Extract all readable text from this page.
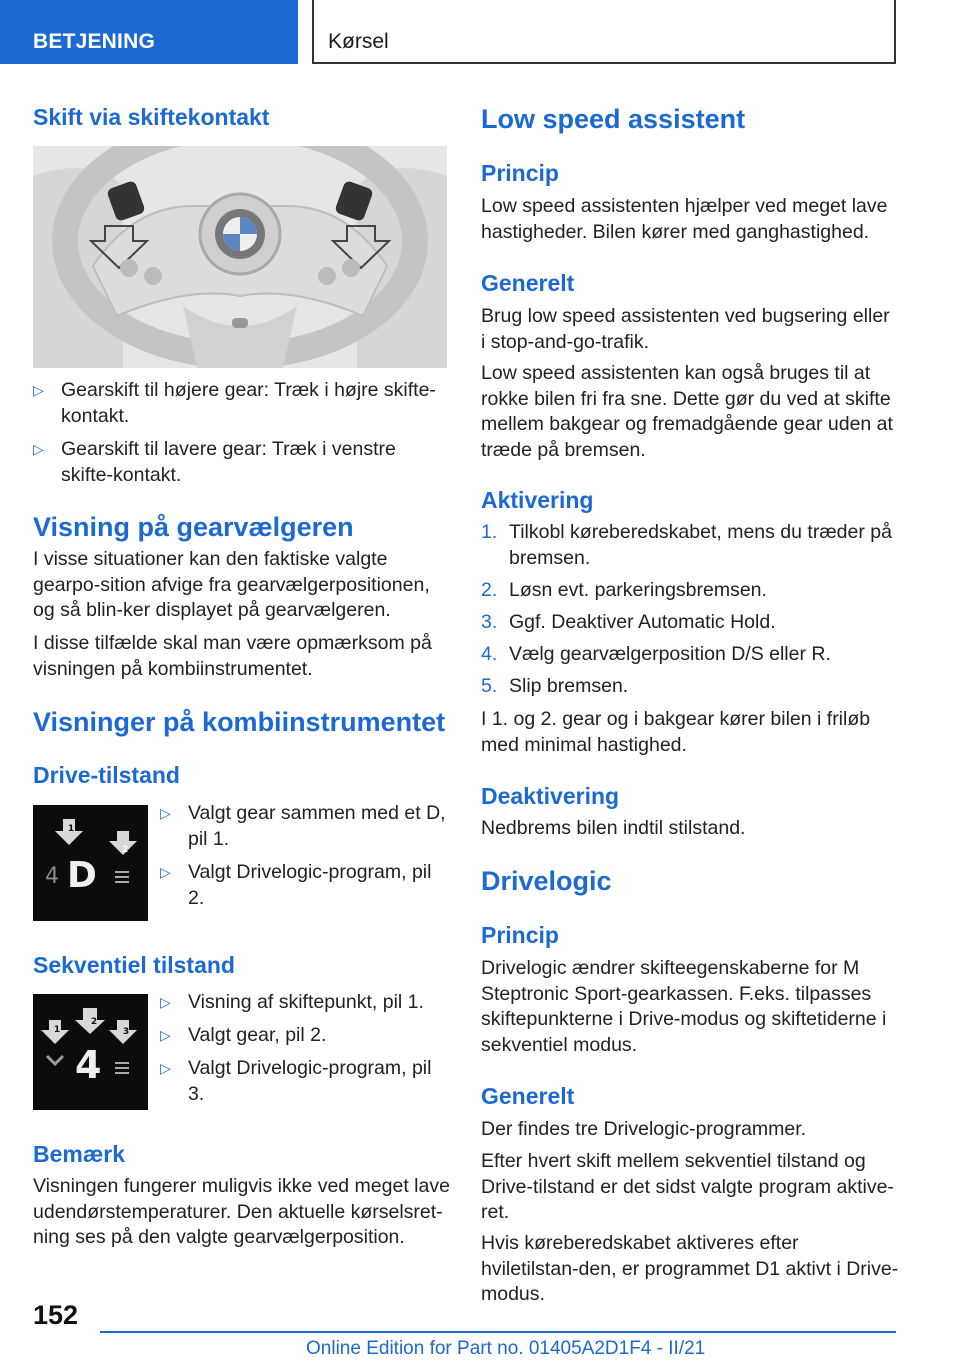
BETJENING	Kørsel
Skift via skiftekontakt
▷ Gearskift til højere gear: Træk i højre skifte-kontakt.
▷ Gearskift til lavere gear: Træk i venstre skifte-kontakt.
Visning på gearvælgeren
I visse situationer kan den faktiske valgte gearpo-sition afvige fra gearvælgerpositionen, og så blin-ker displayet på gearvælgeren.
I disse tilfælde skal man være opmærksom på visningen på kombiinstrumentet.
Visninger på kombiinstrumentet
Drive-tilstand
1
2
4 D
▷ Valgt gear sammen med et D, pil 1.
▷ Valgt Drivelogic-program, pil 2.
Sekventiel tilstand
1
2
3
4
▷ Visning af skiftepunkt, pil 1.
▷ Valgt gear, pil 2.
▷ Valgt Drivelogic-program, pil 3.
Bemærk
Visningen fungerer muligvis ikke ved meget lave udendørstemperaturer. Den aktuelle kørselsret-ning ses på den valgte gearvælgerposition.
Low speed assistent
Princip
Low speed assistenten hjælper ved meget lave hastigheder. Bilen kører med ganghastighed.
Generelt
Brug low speed assistenten ved bugsering eller i stop-and-go-trafik.
Low speed assistenten kan også bruges til at rokke bilen fri fra sne. Dette gør du ved at skifte mellem bakgear og fremadgående gear uden at træde på bremsen.
Aktivering
1. Tilkobl køreberedskabet, mens du træder på bremsen.
2. Løsn evt. parkeringsbremsen.
3. Ggf. Deaktiver Automatic Hold.
4. Vælg gearvælgerposition D/S eller R.
5. Slip bremsen.
I 1. og 2. gear og i bakgear kører bilen i friløb med minimal hastighed.
Deaktivering
Nedbrems bilen indtil stilstand.
Drivelogic
Princip
Drivelogic ændrer skifteegenskaberne for M Steptronic Sport-gearkassen. F.eks. tilpasses skiftepunkterne i Drive-modus og skiftetiderne i sekventiel modus.
Generelt
Der findes tre Drivelogic-programmer.
Efter hvert skift mellem sekventiel tilstand og Drive-tilstand er det sidst valgte program aktive-ret.
Hvis køreberedskabet aktiveres efter hviletilstan-den, er programmet D1 aktivt i Drive-modus.
152
Online Edition for Part no. 01405A2D1F4 - II/21
